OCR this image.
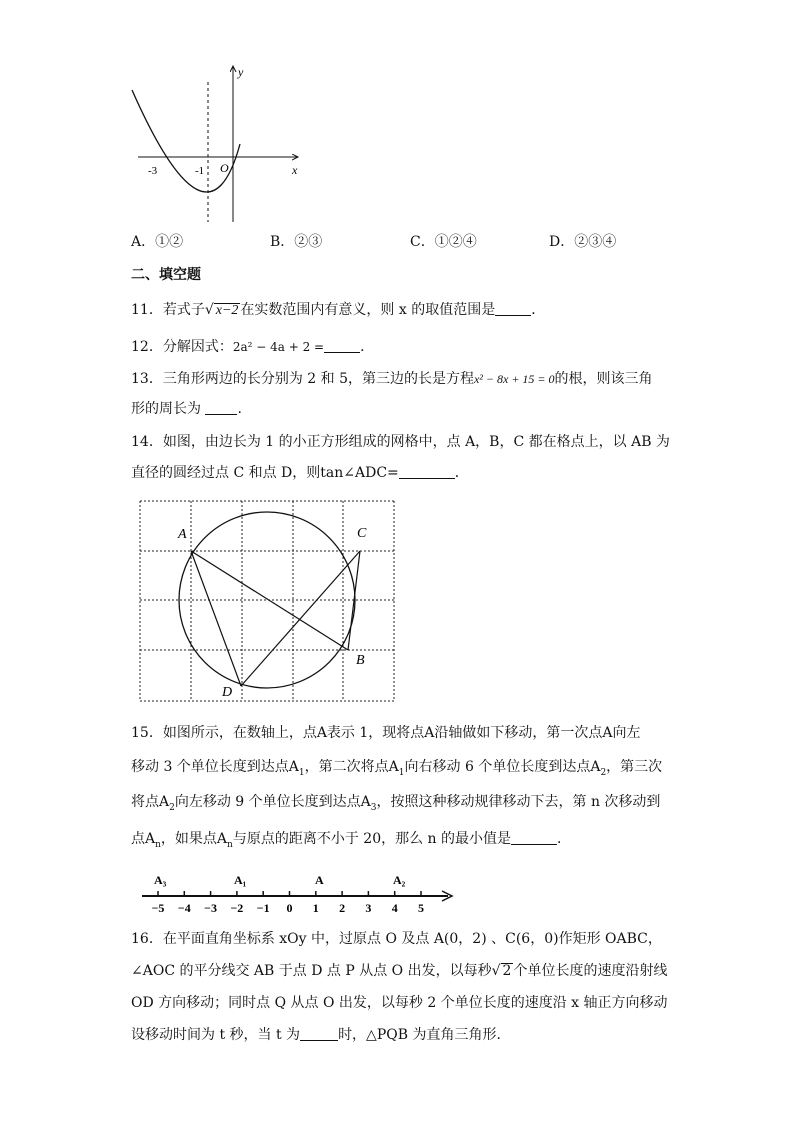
y
x
O
-3	-1
A．①②	B．②③	C．①②④	D．②③④
二、填空题
11．若式子√ x−2 在实数范围内有意义，则 x 的取值范围是	．
12．分解因式：2a² − 4a + 2 =	．
13．三角形两边的长分别为 2 和 5，第三边的长是方程x² − 8x + 15 = 0的根，则该三角
形的周长为	.
14．如图，由边长为 1 的小正方形组成的网格中，点 A，B，C 都在格点上，以 AB 为
直径的圆经过点 C 和点 D，则tan∠ADC=	．
A	C
B
D
15．如图所示，在数轴上，点A表示 1，现将点A沿轴做如下移动，第一次点A向左
移动 3 个单位长度到达点$A_1$，第二次将点$A_1$向右移动 6 个单位长度到达点$A_2$，第三次
将点$A_2$向左移动 9 个单位长度到达点$A_3$，按照这种移动规律移动下去，第 n 次移动到
点$A_n$，如果点$A_n$与原点的距离不小于 20，那么 n 的最小值是	．
−5 −4 −3 −2 −1 0 1 2 3 4 5
A₃	A₁	A	A₂
16．在平面直角坐标系 xOy 中，过原点 O 及点 A(0，2) 、C(6，0)作矩形 OABC，
∠AOC 的平分线交 AB 于点 D 点 P 从点 O 出发，以每秒√ 2 个单位长度的速度沿射线
OD 方向移动；同时点 Q 从点 O 出发，以每秒 2 个单位长度的速度沿 x 轴正方向移动
设移动时间为 t 秒，当 t 为	时，△PQB 为直角三角形．
